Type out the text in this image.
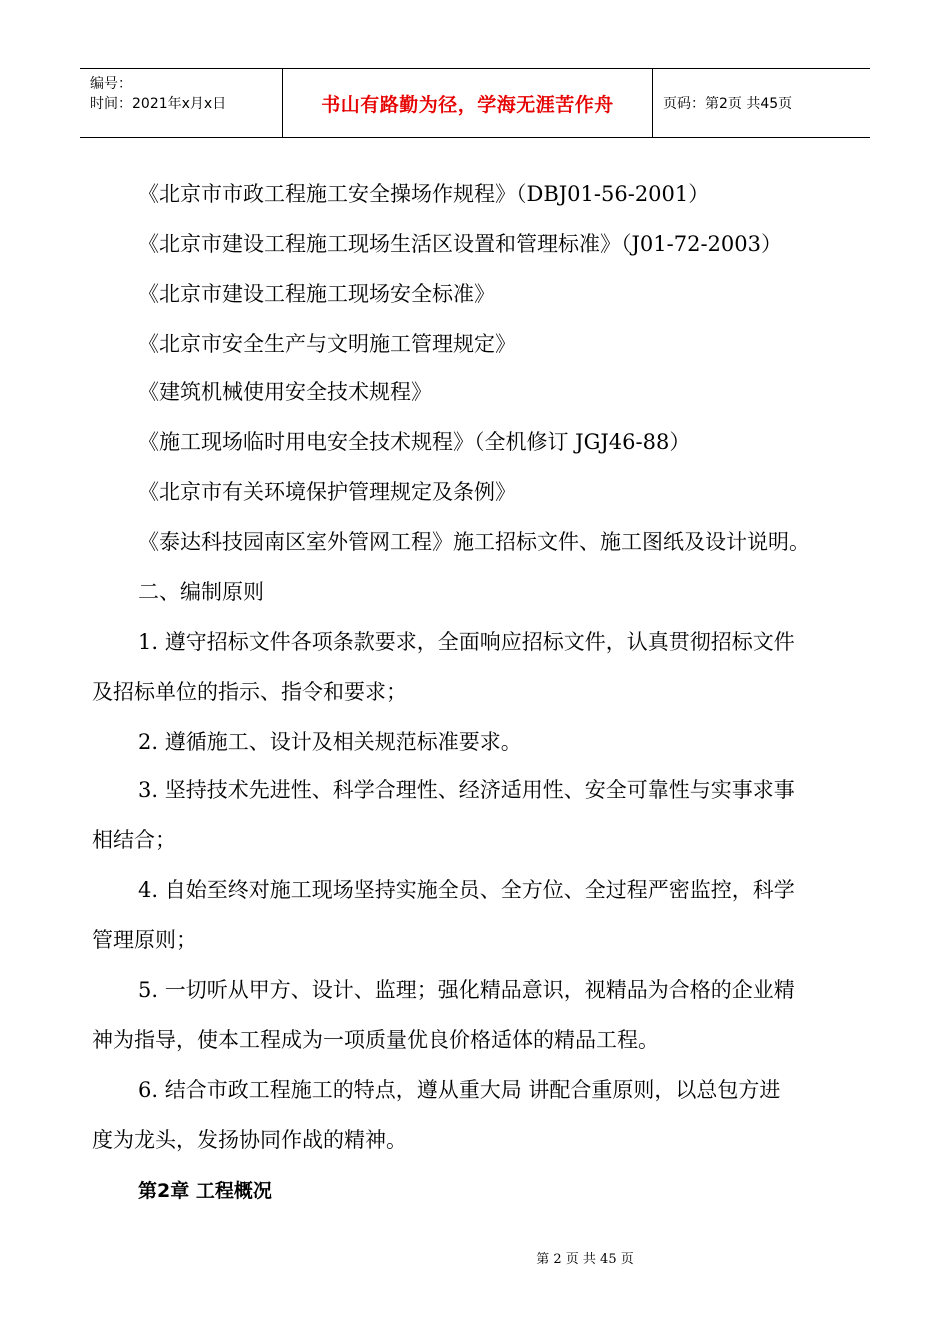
编号：
时间：2021年x月x日	书山有路勤为径，学海无涯苦作舟	页码：第2页 共45页
《北京市市政工程施工安全操场作规程》（DBJ01-56-2001）
《北京市建设工程施工现场生活区设置和管理标准》（J01-72-2003）
《北京市建设工程施工现场安全标准》
《北京市安全生产与文明施工管理规定》
《建筑机械使用安全技术规程》
《施工现场临时用电安全技术规程》（全机修订 JGJ46-88）
《北京市有关环境保护管理规定及条例》
《泰达科技园南区室外管网工程》施工招标文件、施工图纸及设计说明。
二、编制原则
1. 遵守招标文件各项条款要求，全面响应招标文件，认真贯彻招标文件
及招标单位的指示、指令和要求；
2. 遵循施工、设计及相关规范标准要求。
3. 坚持技术先进性、科学合理性、经济适用性、安全可靠性与实事求事
相结合；
4. 自始至终对施工现场坚持实施全员、全方位、全过程严密监控，科学
管理原则；
5. 一切听从甲方、设计、监理；强化精品意识，视精品为合格的企业精
神为指导，使本工程成为一项质量优良价格适体的精品工程。
6. 结合市政工程施工的特点，遵从重大局 讲配合重原则，以总包方进
度为龙头，发扬协同作战的精神。
第2章 工程概况
第 2 页 共 45 页
